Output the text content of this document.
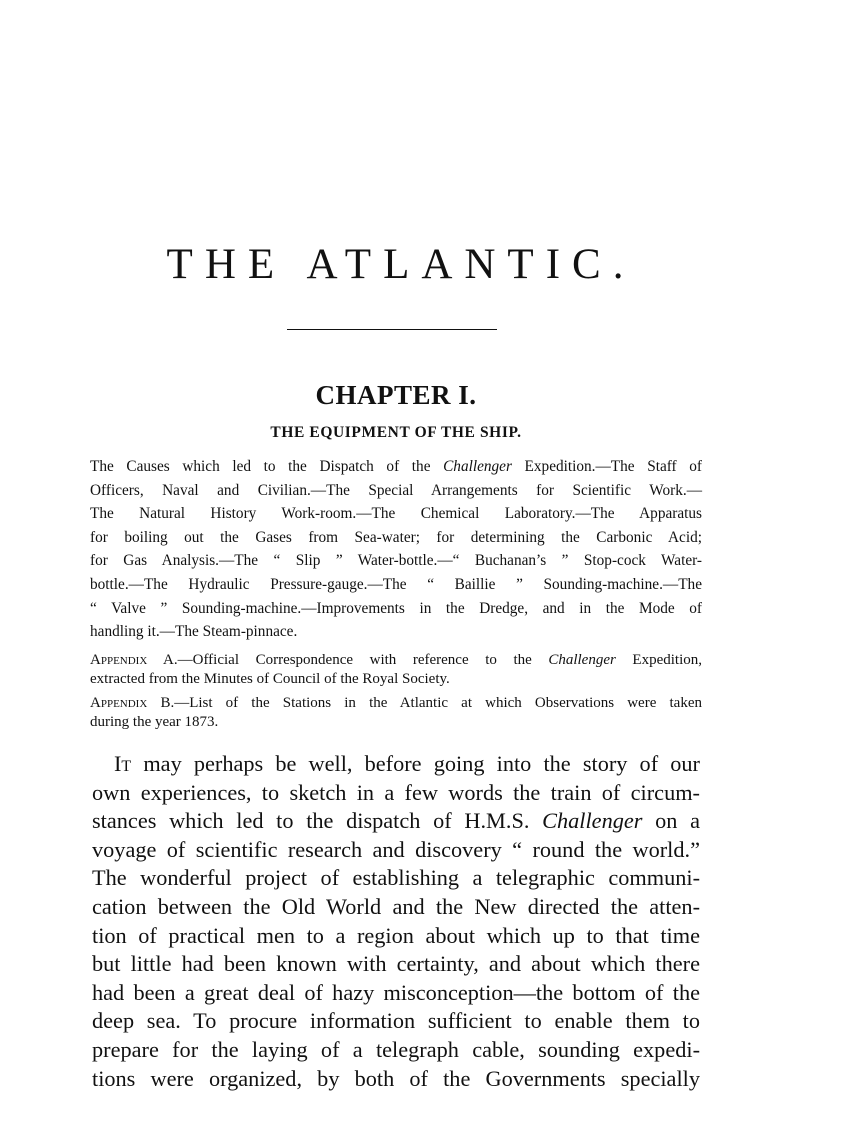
THE ATLANTIC.
CHAPTER I.
THE EQUIPMENT OF THE SHIP.
The Causes which led to the Dispatch of the Challenger Expedition.—The Staff of
Officers, Naval and Civilian.—The Special Arrangements for Scientific Work.—
The Natural History Work-room.—The Chemical Laboratory.—The Apparatus
for boiling out the Gases from Sea-water; for determining the Carbonic Acid;
for Gas Analysis.—The “ Slip ” Water-bottle.—“ Buchanan’s ” Stop-cock Water-
bottle.—The Hydraulic Pressure-gauge.—The “ Baillie ” Sounding-machine.—The
“ Valve ” Sounding-machine.—Improvements in the Dredge, and in the Mode of
handling it.—The Steam-pinnace.
Appendix A.—Official Correspondence with reference to the Challenger Expedition,
extracted from the Minutes of Council of the Royal Society.
Appendix B.—List of the Stations in the Atlantic at which Observations were taken
during the year 1873.
It may perhaps be well, before going into the story of our
own experiences, to sketch in a few words the train of circum-
stances which led to the dispatch of H.M.S. Challenger on a
voyage of scientific research and discovery “ round the world.”
The wonderful project of establishing a telegraphic communi-
cation between the Old World and the New directed the atten-
tion of practical men to a region about which up to that time
but little had been known with certainty, and about which there
had been a great deal of hazy misconception—the bottom of the
deep sea. To procure information sufficient to enable them to
prepare for the laying of a telegraph cable, sounding expedi-
tions were organized, by both of the Governments specially
